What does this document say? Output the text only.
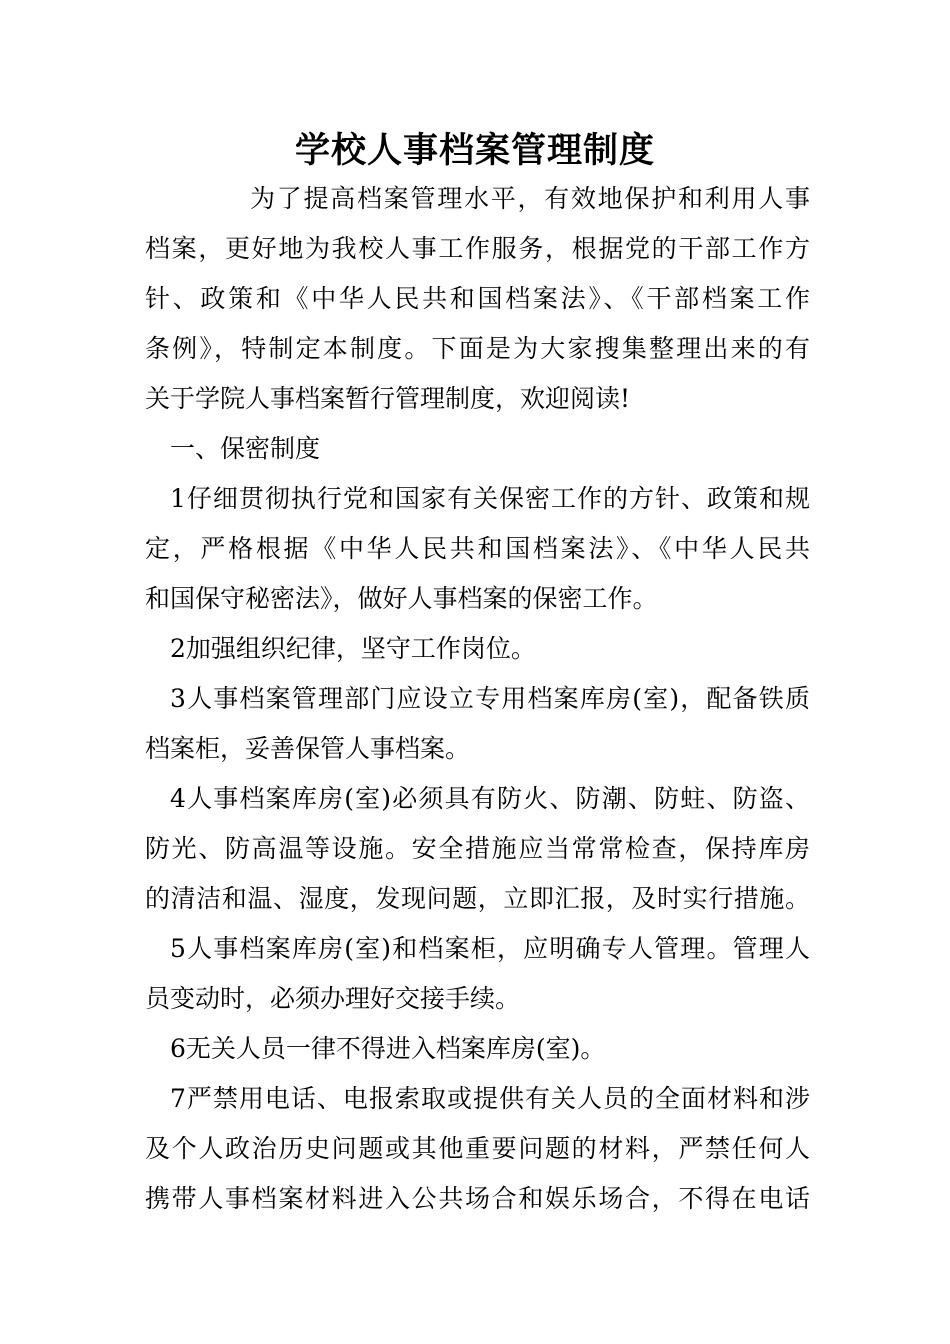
学校人事档案管理制度
为了提高档案管理水平，有效地保护和利用人事
档案，更好地为我校人事工作服务，根据党的干部工作方
针、政策和《中华人民共和国档案法》、《干部档案工作
条例》，特制定本制度。下面是为大家搜集整理出来的有
关于学院人事档案暂行管理制度，欢迎阅读!
一、保密制度
1仔细贯彻执行党和国家有关保密工作的方针、政策和规
定，严格根据《中华人民共和国档案法》、《中华人民共
和国保守秘密法》，做好人事档案的保密工作。
2加强组织纪律，坚守工作岗位。
3人事档案管理部门应设立专用档案库房(室)，配备铁质
档案柜，妥善保管人事档案。
4人事档案库房(室)必须具有防火、防潮、防蛀、防盗、
防光、防高温等设施。安全措施应当常常检查，保持库房
的清洁和温、湿度，发现问题，立即汇报，及时实行措施。
5人事档案库房(室)和档案柜，应明确专人管理。管理人
员变动时，必须办理好交接手续。
6无关人员一律不得进入档案库房(室)。
7严禁用电话、电报索取或提供有关人员的全面材料和涉
及个人政治历史问题或其他重要问题的材料，严禁任何人
携带人事档案材料进入公共场合和娱乐场合，不得在电话
